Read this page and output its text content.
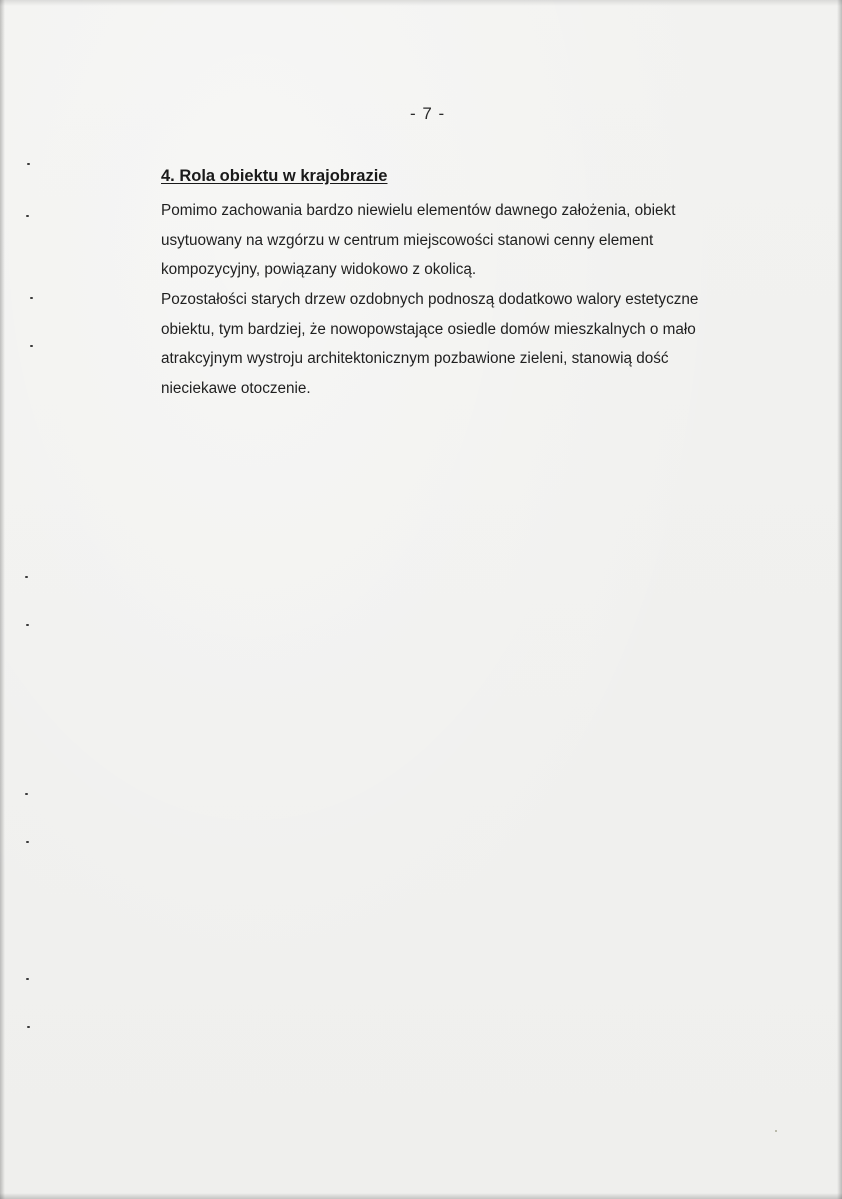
- 7 -
4. Rola obiektu w krajobrazie

Pomimo zachowania bardzo niewielu elementów dawnego założenia, obiekt
usytuowany na wzgórzu w centrum miejscowości stanowi cenny element
kompozycyjny, powiązany widokowo z okolicą.

Pozostałości starych drzew ozdobnych podnoszą dodatkowo walory estetyczne
obiektu, tym bardziej, że nowopowstające osiedle domów mieszkalnych o mało
atrakcyjnym wystroju architektonicznym pozbawione zieleni, stanowią dość
nieciekawe otoczenie.
